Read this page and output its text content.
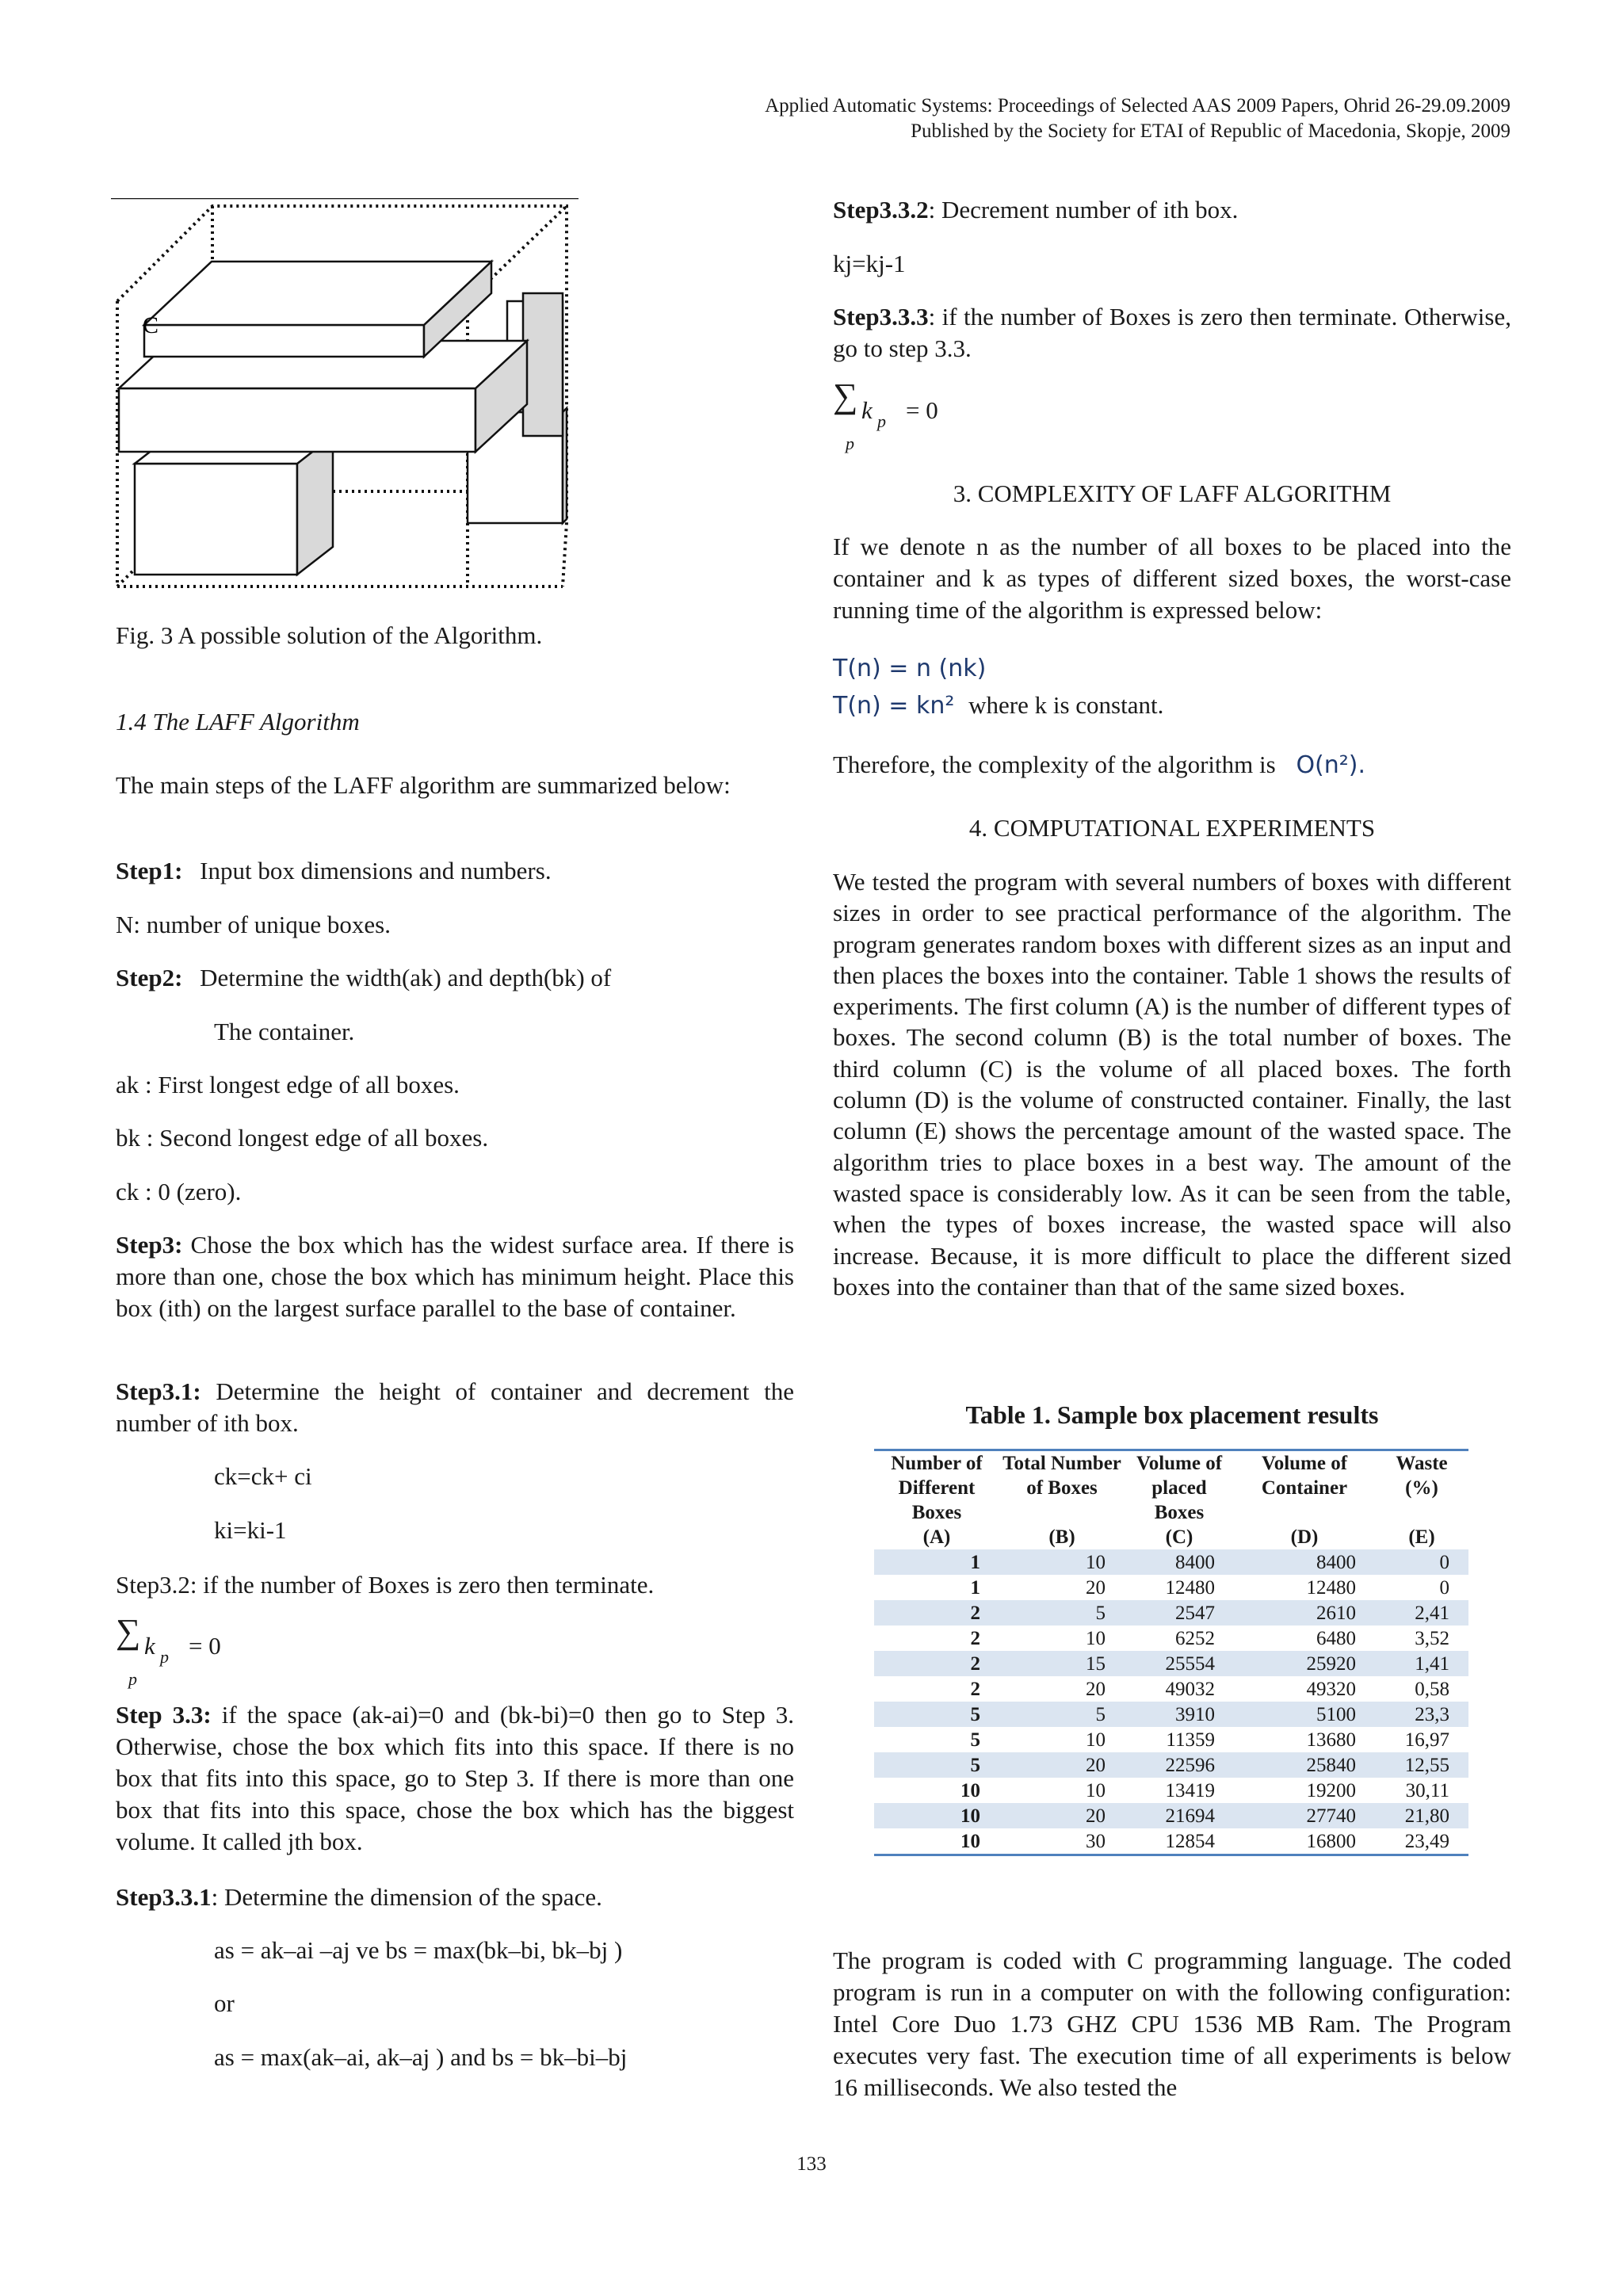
Applied Automatic Systems: Proceedings of Selected AAS 2009 Papers, Ohrid 26-29.09.2009
Published by the Society for ETAI of Republic of Macedonia, Skopje, 2009
C

Fig. 3 A possible solution of the Algorithm.

1.4 The LAFF Algorithm

The main steps of the LAFF algorithm are summarized below:

Step1: Input box dimensions and numbers.

N: number of unique boxes.

Step2: Determine the width(ak) and depth(bk) of

The container.

ak : First longest edge of all boxes.

bk : Second longest edge of all boxes.

ck : 0 (zero).

Step3: Chose the box which has the widest surface area. If there is more than one, chose the box which has minimum height. Place this box (ith) on the largest surface parallel to the base of container.

Step3.1: Determine the height of container and decrement the number of ith box.

ck=ck+ ci

ki=ki-1

Step3.2: if the number of Boxes is zero then terminate.

∑ k p = 0
p

Step 3.3: if the space (ak-ai)=0 and (bk-bi)=0 then go to Step 3. Otherwise, chose the box which fits into this space. If there is no box that fits into this space, go to Step 3. If there is more than one box that fits into this space, chose the box which has the biggest volume. It called jth box.

Step3.3.1: Determine the dimension of the space.

as = ak–ai –aj ve bs = max(bk–bi, bk–bj )

or

as = max(ak–ai, ak–aj ) and bs = bk–bi–bj

Step3.3.2: Decrement number of ith box.

kj=kj-1

Step3.3.3: if the number of Boxes is zero then terminate. Otherwise, go to step 3.3.

∑ k p = 0
p

3. COMPLEXITY OF LAFF ALGORITHM

If we denote n as the number of all boxes to be placed into the container and k as types of different sized boxes, the worst-case running time of the algorithm is expressed below:

T(n) = n (nk)

T(n) = kn² where k is constant.

Therefore, the complexity of the algorithm is O(n²).

4. COMPUTATIONAL EXPERIMENTS

We tested the program with several numbers of boxes with different sizes in order to see practical performance of the algorithm. The program generates random boxes with different sizes as an input and then places the boxes into the container. Table 1 shows the results of experiments. The first column (A) is the number of different types of boxes. The second column (B) is the total number of boxes. The third column (C) is the volume of all placed boxes. The forth column (D) is the volume of constructed container. Finally, the last column (E) shows the percentage amount of the wasted space. The algorithm tries to place boxes in a best way. The amount of the wasted space is considerably low. As it can be seen from the table, when the types of boxes increase, the wasted space will also increase. Because, it is more difficult to place the different sized boxes into the container than that of the same sized boxes.

Table 1. Sample box placement results

The program is coded with C programming language. The coded program is run in a computer on with the following configuration: Intel Core Duo 1.73 GHZ CPU 1536 MB Ram. The Program executes very fast. The execution time of all experiments is below 16 milliseconds. We also tested the

Number of Different Boxes	Total Number of Boxes	Volume of placed Boxes	Volume of Container	Waste (%)
(A)	(B)	(C)	(D)	(E)
1	10	8400	8400	0
1	20	12480	12480	0
2	5	2547	2610	2,41
2	10	6252	6480	3,52
2	15	25554	25920	1,41
2	20	49032	49320	0,58
5	5	3910	5100	23,3
5	10	11359	13680	16,97
5	20	22596	25840	12,55
10	10	13419	19200	30,11
10	20	21694	27740	21,80
10	30	12854	16800	23,49
133
